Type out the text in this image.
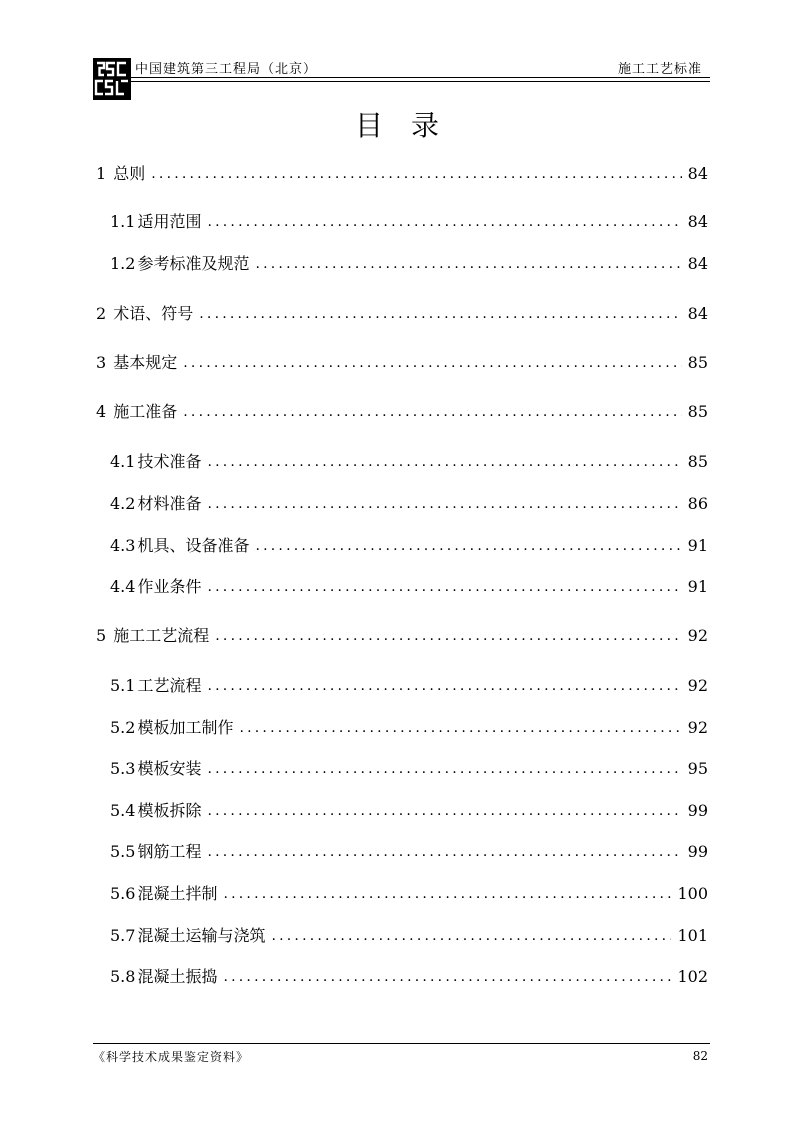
中国建筑第三工程局（北京）	施工工艺标准
目录
1 总则 .....	84
1.1 适用范围 .....	84
1.2 参考标准及规范 .....	84
2 术语、符号 .....	84
3 基本规定 .....	85
4 施工准备 .....	85
4.1 技术准备 .....	85
4.2 材料准备 .....	86
4.3 机具、设备准备 .....	91
4.4 作业条件 .....	91
5 施工工艺流程 .....	92
5.1 工艺流程 .....	92
5.2 模板加工制作 .....	92
5.3 模板安装 .....	95
5.4 模板拆除 .....	99
5.5 钢筋工程 .....	99
5.6 混凝土拌制 .....	100
5.7 混凝土运输与浇筑 .....	101
5.8 混凝土振捣 .....	102
《科学技术成果鉴定资料》	82
